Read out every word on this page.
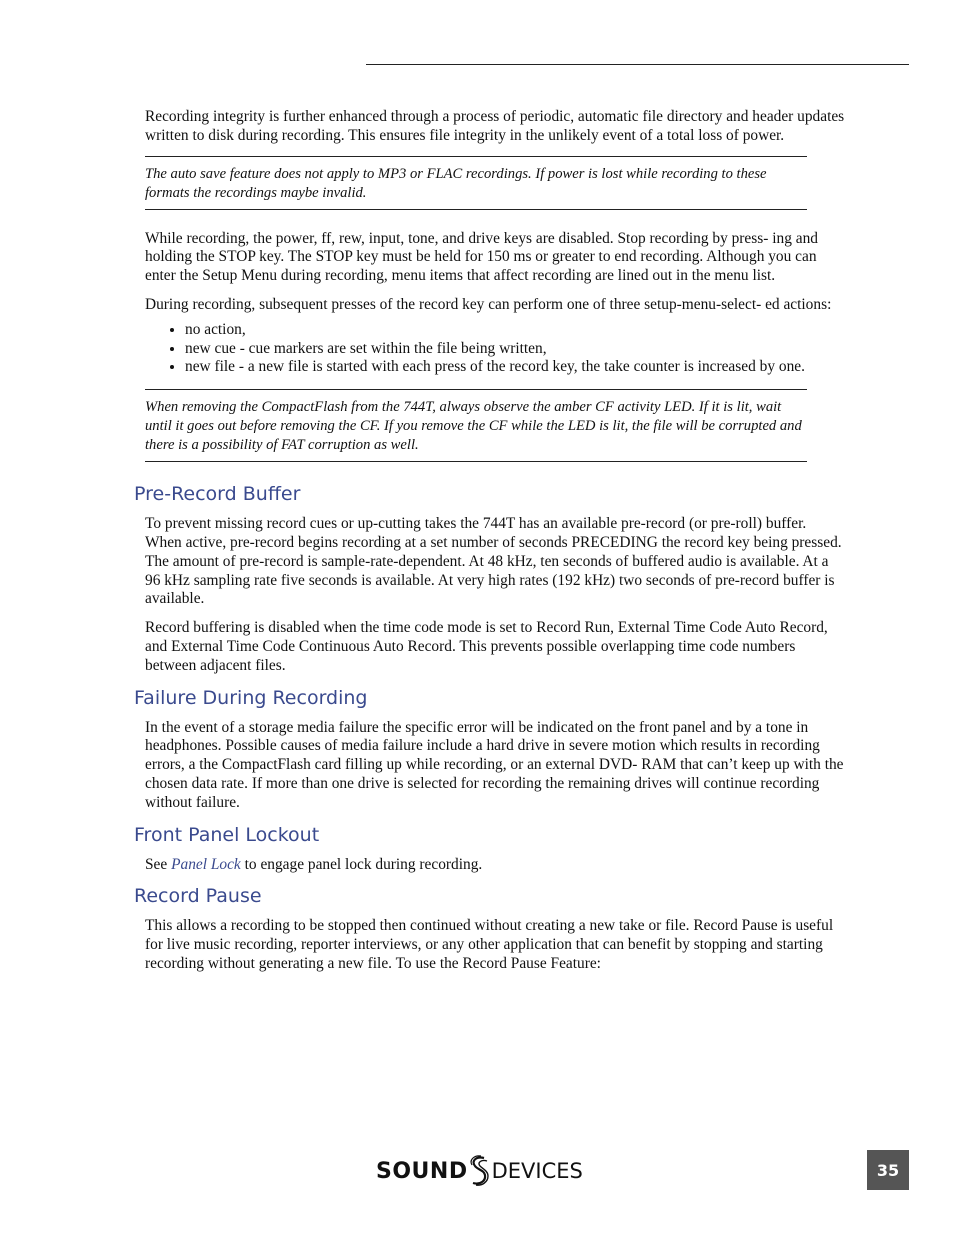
Recording integrity is further enhanced through a process of periodic, automatic file directory and header updates written to disk during recording. This ensures file integrity in the unlikely event of a total loss of power.

The auto save feature does not apply to MP3 or FLAC recordings. If power is lost while recording to these formats the recordings maybe invalid.

While recording, the power, ff, rew, input, tone, and drive keys are disabled. Stop recording by press- ing and holding the STOP key. The STOP key must be held for 150 ms or greater to end recording. Although you can enter the Setup Menu during recording, menu items that affect recording are lined out in the menu list.

During recording, subsequent presses of the record key can perform one of three setup-menu-select- ed actions:

• no action,
• new cue - cue markers are set within the file being written,
• new file - a new file is started with each press of the record key, the take counter is increased by one.
When removing the CompactFlash from the 744T, always observe the amber CF activity LED. If it is lit, wait until it goes out before removing the CF. If you remove the CF while the LED is lit, the file will be corrupted and there is a possibility of FAT corruption as well.
Pre-Record Buffer

To prevent missing record cues or up-cutting takes the 744T has an available pre-record (or pre-roll) buffer. When active, pre-record begins recording at a set number of seconds PRECEDING the record key being pressed. The amount of pre-record is sample-rate-dependent. At 48 kHz, ten seconds of buffered audio is available. At a 96 kHz sampling rate five seconds is available. At very high rates (192 kHz) two seconds of pre-record buffer is available.

Record buffering is disabled when the time code mode is set to Record Run, External Time Code Auto Record, and External Time Code Continuous Auto Record. This prevents possible overlapping time code numbers between adjacent files.

Failure During Recording

In the event of a storage media failure the specific error will be indicated on the front panel and by a tone in headphones. Possible causes of media failure include a hard drive in severe motion which results in recording errors, a the CompactFlash card filling up while recording, or an external DVD- RAM that can’t keep up with the chosen data rate. If more than one drive is selected for recording the remaining drives will continue recording without failure.

Front Panel Lockout

See Panel Lock to engage panel lock during recording.

Record Pause

This allows a recording to be stopped then continued without creating a new take or file. Record Pause is useful for live music recording, reporter interviews, or any other application that can benefit by stopping and starting recording without generating a new file. To use the Record Pause Feature:

SOUND DEVICES	35
